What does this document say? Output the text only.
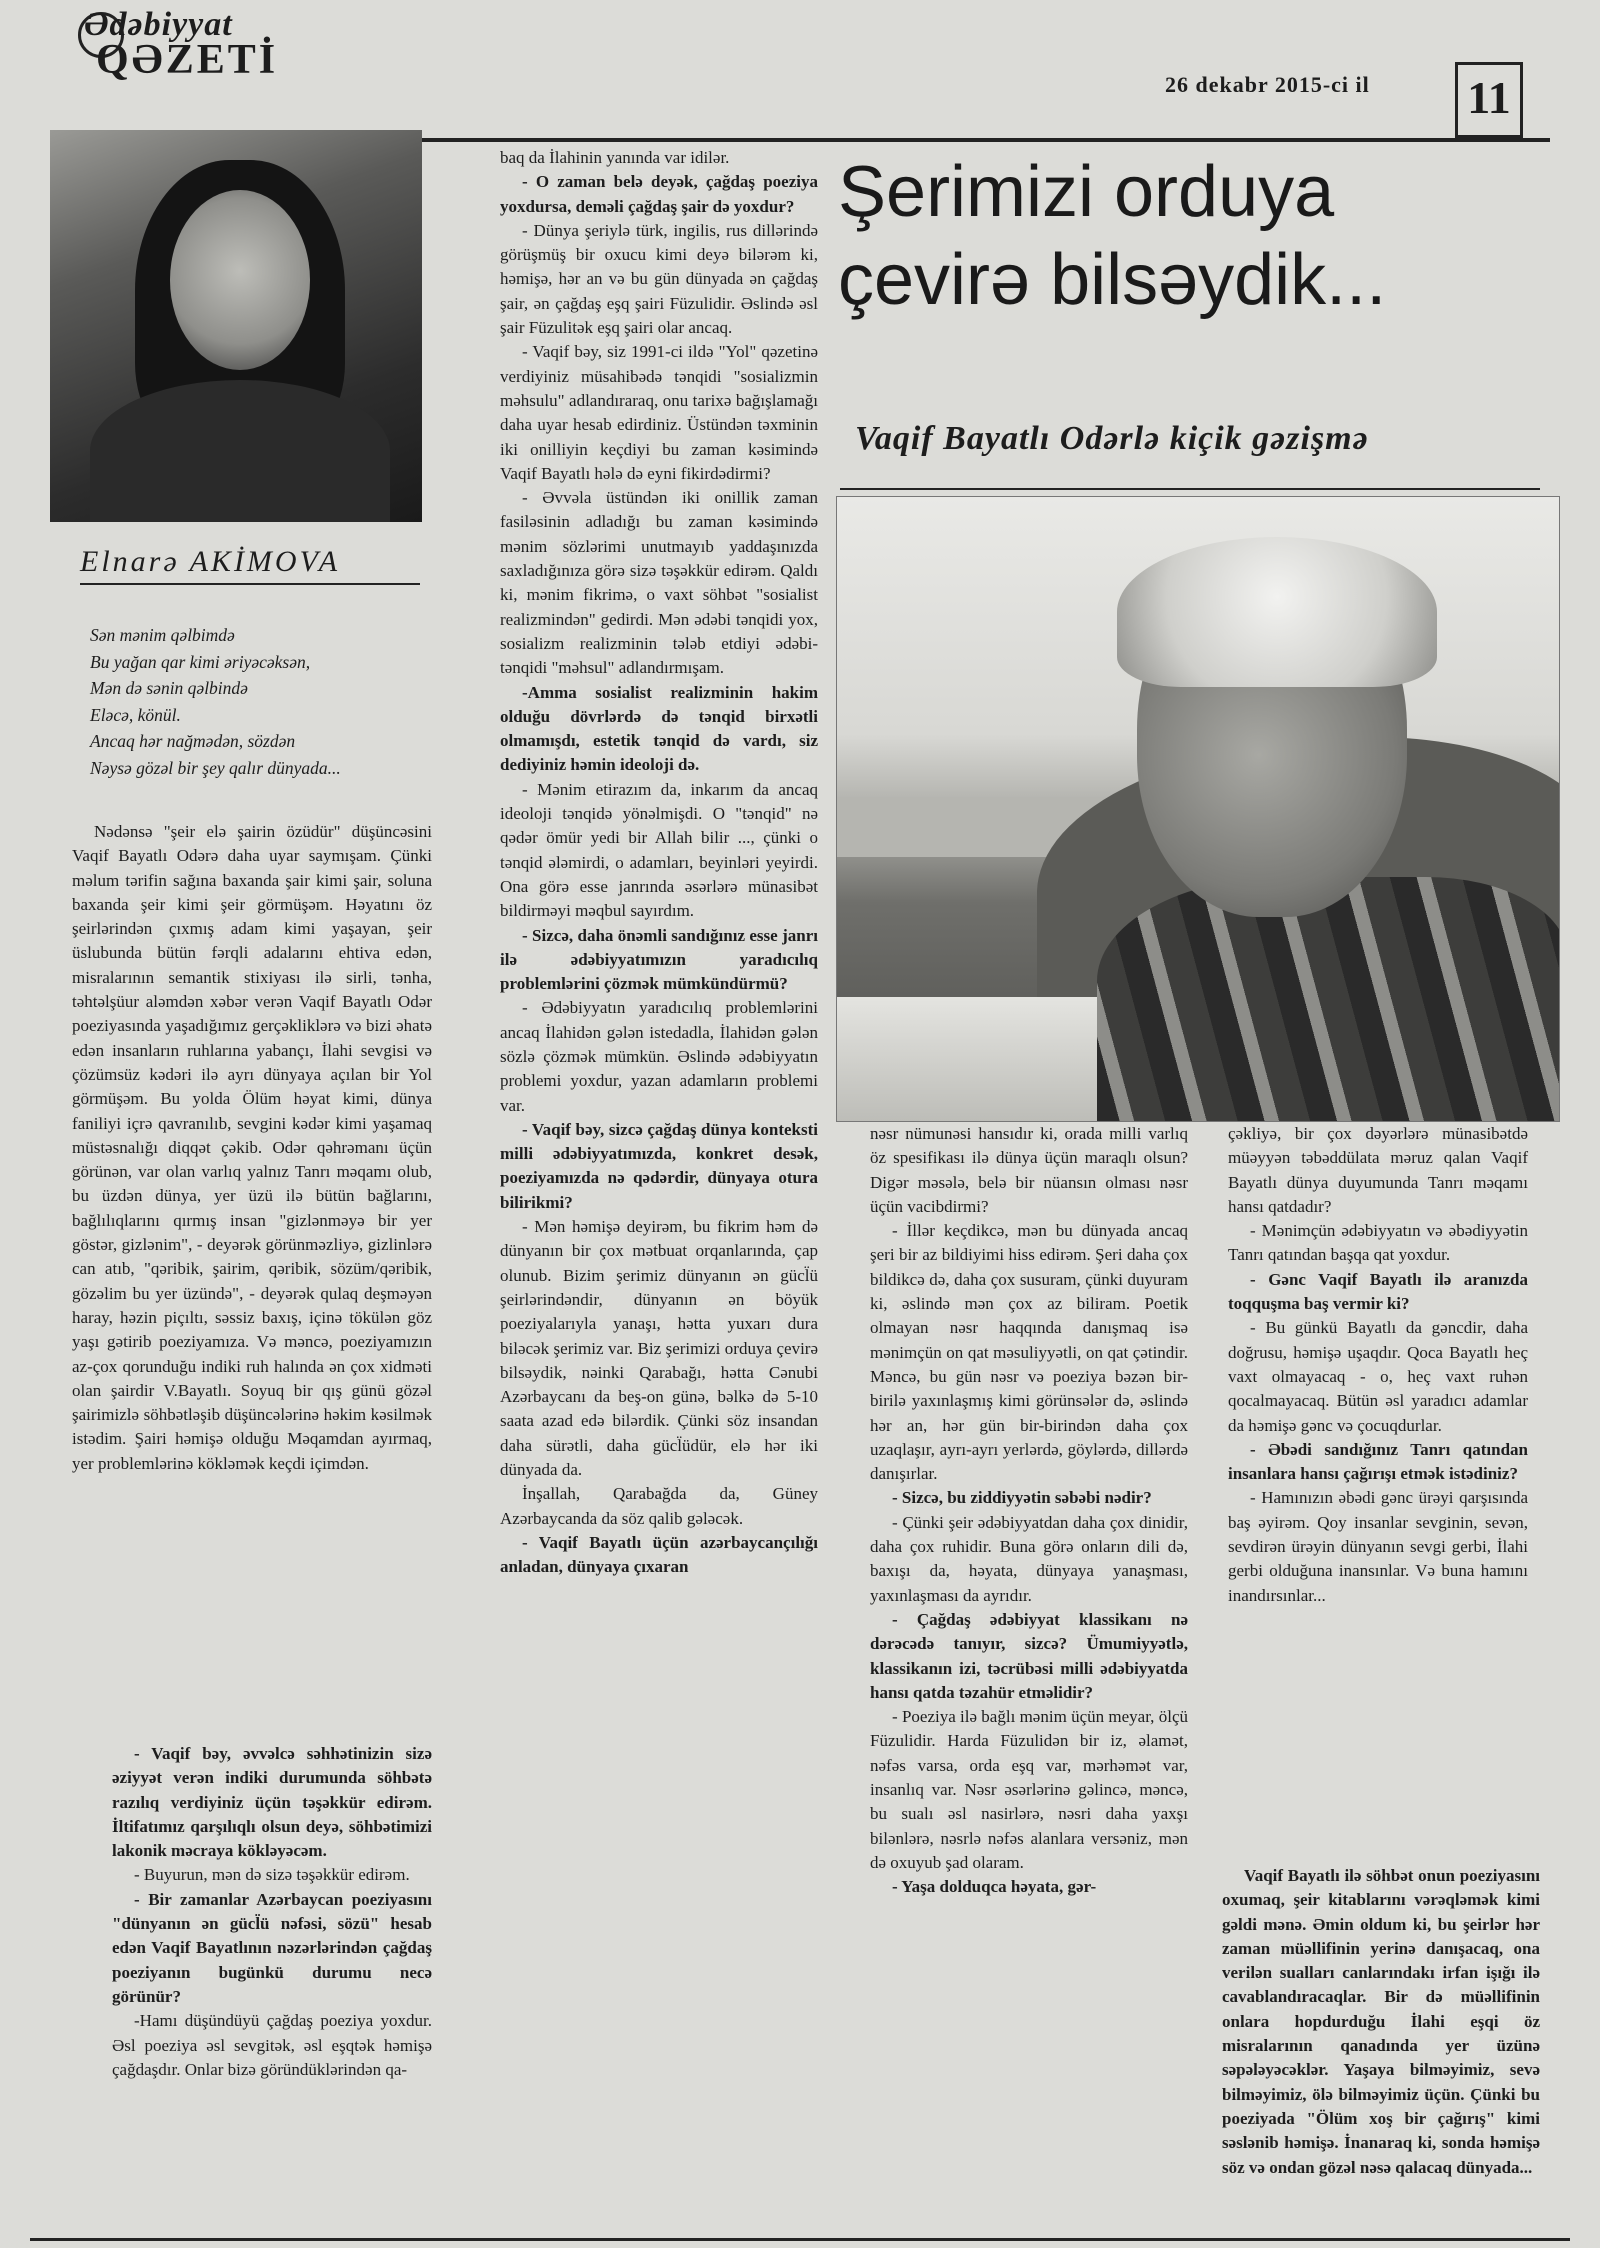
Ədəbiyyat
QƏZETİ
26 dekabr 2015-ci il 11
Elnarə AKİMOVA
Sən mənim qəlbimdə
Bu yağan qar kimi əriyəcəksən,
Mən də sənin qəlbində
Eləcə, könül.
Ancaq hər nağmədən, sözdən
Nəysə gözəl bir şey qalır dünyada...

Nədənsə "şeir elə şairin özüdür" düşüncəsini Vaqif Bayatlı Odərə daha uyar saymışam. Çünki məlum tərifin sağına baxanda şair kimi şair, soluna baxanda şeir kimi şeir görmüşəm. Həyatını öz şeirlərindən çıxmış adam kimi yaşayan, şeir üslubunda bütün fərqli adalarını ehtiva edən, misralarının semantik stixiyası ilə sirli, tənha, təhtəlşüur aləmdən xəbər verən Vaqif Bayatlı Odər poeziyasında yaşadığımız gerçəkliklərə və bizi əhatə edən insanların ruhlarına yabançı, İlahi sevgisi və çözümsüz kədəri ilə ayrı dünyaya açılan bir Yol görmüşəm. Bu yolda Ölüm həyat kimi, dünya faniliyi içrə qavranılıb, sevgini kədər kimi yaşamaq müstəsnalığı diqqət çəkib. Odər qəhrəmanı üçün görünən, var olan varlıq yalnız Tanrı məqamı olub, bu üzdən dünya, yer üzü ilə bütün bağlarını, bağlılıqlarını qırmış insan "gizlənməyə bir yer göstər, gizlənim", - deyərək görünməzliyə, gizlinlərə can atıb, "qəribik, şairim, qəribik, sözüm/qəribik, gözəlim bu yer üzündə", - deyərək qulaq deşməyən haray, həzin piçıltı, səssiz baxış, içinə tökülən göz yaşı gətirib poeziyamıza. Və məncə, poeziyamızın az-çox qorunduğu indiki ruh halında ən çox xidməti olan şairdir V.Bayatlı. Soyuq bir qış günü gözəl şairimizlə söhbətləşib düşüncələrinə həkim kəsilmək istədim. Şairi həmişə olduğu Məqamdan ayırmaq, yer problemlərinə kökləmək keçdi içimdən.

- Vaqif bəy, əvvəlcə səhhətinizin sizə əziyyət verən indiki durumunda söhbətə razılıq verdiyiniz üçün təşəkkür edirəm. İltifatımız qarşılıqlı olsun deyə, söhbətimizi lakonik məcraya kökləyəcəm.

- Buyurun, mən də sizə təşəkkür edirəm.

- Bir zamanlar Azərbaycan poeziyasını "dünyanın ən gücl̈ü nəfəsi, sözü" hesab edən Vaqif Bayatlının nəzərlərindən çağdaş poeziyanın bugünkü durumu necə görünür?

-Hamı düşündüyü çağdaş poeziya yoxdur. Əsl poeziya əsl sevgitək, əsl eşqtək həmişə çağdaşdır. Onlar bizə göründüklərindən qa-

baq da İlahinin yanında var idilər.

- O zaman belə deyək, çağdaş poeziya yoxdursa, deməli çağdaş şair də yoxdur?

- Dünya şeriylə türk, ingilis, rus dillərində görüşmüş bir oxucu kimi deyə bilərəm ki, həmişə, hər an və bu gün dünyada ən çağdaş şair, ən çağdaş eşq şairi Füzulidir. Əslində əsl şair Füzulitək eşq şairi olar ancaq.

- Vaqif bəy, siz 1991-ci ildə "Yol" qəzetinə verdiyiniz müsahibədə tənqidi "sosializmin məhsulu" adlandıraraq, onu tarixə bağışlamağı daha uyar hesab edirdiniz. Üstündən təxminin iki onilliyin keçdiyi bu zaman kəsimində Vaqif Bayatlı hələ də eyni fikirdədirmi?

- Əvvəla üstündən iki onillik zaman fasiləsinin adladığı bu zaman kəsimində mənim sözlərimi unutmayıb yaddaşınızda saxladığınıza görə sizə təşəkkür edirəm. Qaldı ki, mənim fikrimə, o vaxt söhbət "sosialist realizmindən" gedirdi. Mən ədəbi tənqidi yox, sosializm realizminin tələb etdiyi ədəbi-tənqidi "məhsul" adlandırmışam.

-Amma sosialist realizminin hakim olduğu dövrlərdə də tənqid birxətli olmamışdı, estetik tənqid də vardı, siz dediyiniz həmin ideoloji də.

- Mənim etirazım da, inkarım da ancaq ideoloji tənqidə yönəlmişdi. O "tənqid" nə qədər ömür yedi bir Allah bilir ..., çünki o tənqid ələmirdi, o adamları, beyinləri yeyirdi. Ona görə esse janrında əsərlərə münasibət bildirməyi məqbul sayırdım.

- Sizcə, daha önəmli sandığınız esse janrı ilə ədəbiyyatımızın yaradıcılıq problemlərini çözmək mümkündürmü?

- Ədəbiyyatın yaradıcılıq problemlərini ancaq İlahidən gələn istedadla, İlahidən gələn sözlə çözmək mümkün. Əslində ədəbiyyatın problemi yoxdur, yazan adamların problemi var.

- Vaqif bəy, sizcə çağdaş dünya konteksti milli ədəbiyyatımızda, konkret desək, poeziyamızda nə qədərdir, dünyaya otura bilirikmi?

- Mən həmişə deyirəm, bu fikrim həm də dünyanın bir çox mətbuat orqanlarında, çap olunub. Bizim şerimiz dünyanın ən gücl̈ü şeirlərindəndir, dünyanın ən böyük poeziyalarıyla yanaşı, hətta yuxarı dura biləcək şerimiz var. Biz şerimizi orduya çevirə bilsəydik, nəinki Qarabağı, hətta Cənubi Azərbaycanı da beş-on günə, bəlkə də 5-10 saata azad edə bilərdik. Çünki söz insandan daha sürətli, daha gücl̈üdür, elə hər iki dünyada da.

İnşallah, Qarabağda da, Güney Azərbaycanda da söz qalib gələcək.

- Vaqif Bayatlı üçün azərbaycançılığı anladan, dünyaya çıxaran

Şerimizi orduya
çevirə bilsəydik...
Vaqif Bayatlı Odərlə kiçik gəzişmə

nəsr nümunəsi hansıdır ki, orada milli varlıq öz spesifikası ilə dünya üçün maraqlı olsun? Digər məsələ, belə bir nüansın olması nəsr üçün vacibdirmi?

- İllər keçdikcə, mən bu dünyada ancaq şeri bir az bildiyimi hiss edirəm. Şeri daha çox bildikcə də, daha çox susuram, çünki duyuram ki, əslində mən çox az biliram. Poetik olmayan nəsr haqqında danışmaq isə mənimçün on qat məsuliyyətli, on qat çətindir. Məncə, bu gün nəsr və poeziya bəzən bir-birilə yaxınlaşmış kimi görünsələr də, əslində hər an, hər gün bir-birindən daha çox uzaqlaşır, ayrı-ayrı yerlərdə, göylərdə, dillərdə danışırlar.

- Sizcə, bu ziddiyyətin səbəbi nədir?

- Çünki şeir ədəbiyyatdan daha çox dinidir, daha çox ruhidir. Buna görə onların dili də, baxışı da, həyata, dünyaya yanaşması, yaxınlaşması da ayrıdır.

- Çağdaş ədəbiyyat klassikanı nə dərəcədə tanıyır, sizcə? Ümumiyyətlə, klassikanın izi, təcrübəsi milli ədəbiyyatda hansı qatda təzahür etməlidir?

- Poeziya ilə bağlı mənim üçün meyar, ölçü Füzulidir. Harda Füzulidən bir iz, əlamət, nəfəs varsa, orda eşq var, mərhəmət var, insanlıq var. Nəsr əsərlərinə gəlincə, məncə, bu sualı əsl nasirlərə, nəsri daha yaxşı bilənlərə, nəsrlə nəfəs alanlara versəniz, mən də oxuyub şad olaram.

- Yaşa dolduqca həyata, gər-

çəkliyə, bir çox dəyərlərə münasibətdə müəyyən təbəddülata məruz qalan Vaqif Bayatlı dünya duyumunda Tanrı məqamı hansı qatdadır?

- Mənimçün ədəbiyyatın və əbədiyyətin Tanrı qatından başqa qat yoxdur.

- Gənc Vaqif Bayatlı ilə aranızda toqquşma baş vermir ki?

- Bu günkü Bayatlı da gəncdir, daha doğrusu, həmişə uşaqdır. Qoca Bayatlı heç vaxt olmayacaq - o, heç vaxt ruhən qocalmayacaq. Bütün əsl yaradıcı adamlar da həmişə gənc və çocuqdurlar.

- Əbədi sandığınız Tanrı qatından insanlara hansı çağırışı etmək istədiniz?

- Hamınızın əbədi gənc ürəyi qarşısında baş əyirəm. Qoy insanlar sevginin, sevən, sevdirən ürəyin dünyanın sevgi gerbi, İlahi gerbi olduğuna inansınlar. Və buna hamını inandırsınlar...

Vaqif Bayatlı ilə söhbət onun poeziyasını oxumaq, şeir kitablarını vərəqləmək kimi gəldi mənə. Əmin oldum ki, bu şeirlər hər zaman müəllifinin yerinə danışacaq, ona verilən sualları canlarındakı irfan işığı ilə cavablandıracaqlar. Bir də müəllifinin onlara hopdurduğu İlahi eşqi öz misralarının qanadında yer üzünə səpələyəcəklər. Yaşaya bilməyimiz, sevə bilməyimiz, ölə bilməyimiz üçün. Çünki bu poeziyada "Ölüm xoş bir çağırış" kimi səslənib həmişə. İnanaraq ki, sonda həmişə söz və ondan gözəl nəsə qalacaq dünyada...
